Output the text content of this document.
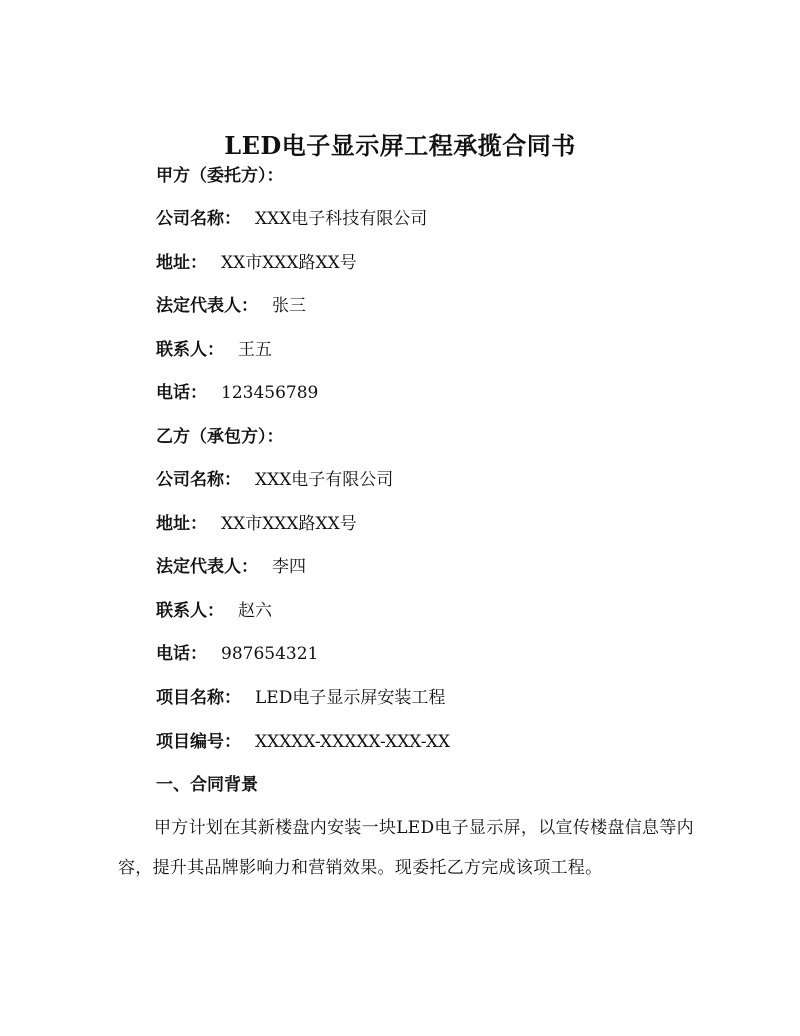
LED电子显示屏工程承揽合同书
甲方（委托方）：
公司名称： XXX电子科技有限公司
地址： XX市XXX路XX号
法定代表人： 张三
联系人： 王五
电话： 123456789
乙方（承包方）：
公司名称： XXX电子有限公司
地址： XX市XXX路XX号
法定代表人： 李四
联系人： 赵六
电话： 987654321
项目名称： LED电子显示屏安装工程
项目编号： XXXXX-XXXXX-XXX-XX
一、合同背景
甲方计划在其新楼盘内安装一块LED电子显示屏，以宣传楼盘信息等内容，提升其品牌影响力和营销效果。现委托乙方完成该项工程。
